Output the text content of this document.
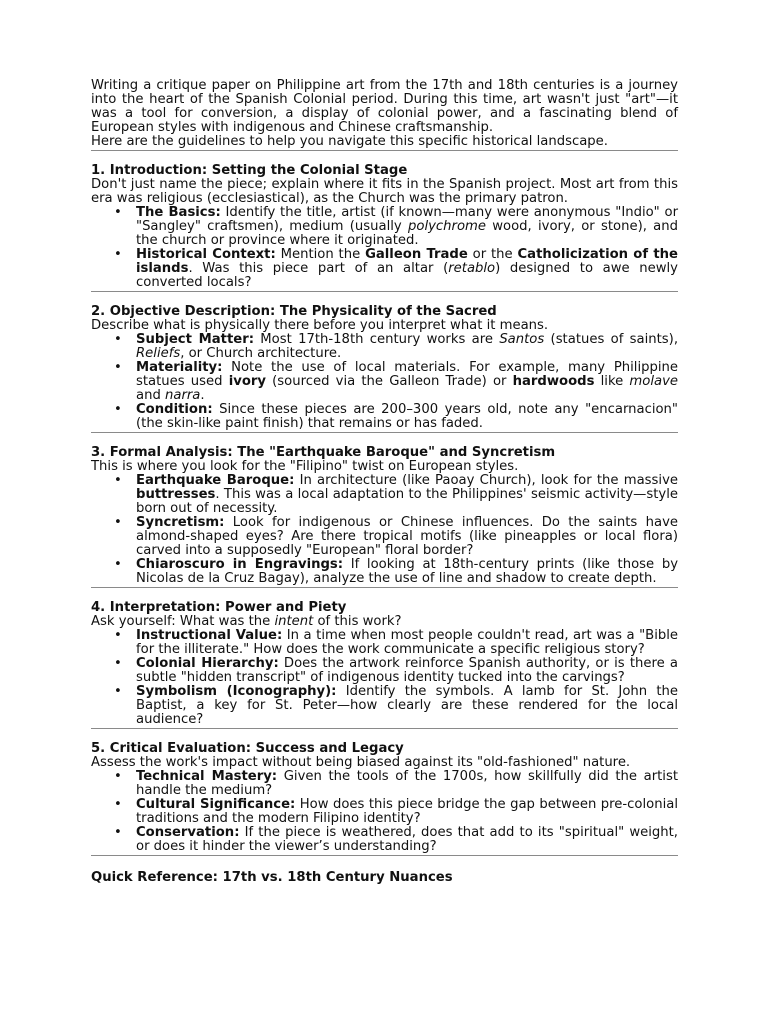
Writing a critique paper on Philippine art from the 17th and 18th centuries is a journey into the heart of the Spanish Colonial period. During this time, art wasn't just "art"—it was a tool for conversion, a display of colonial power, and a fascinating blend of European styles with indigenous and Chinese craftsmanship.

Here are the guidelines to help you navigate this specific historical landscape.

1. Introduction: Setting the Colonial Stage

Don't just name the piece; explain where it fits in the Spanish project. Most art from this era was religious (ecclesiastical), as the Church was the primary patron.

• The Basics: Identify the title, artist (if known—many were anonymous "Indio" or "Sangley" craftsmen), medium (usually polychrome wood, ivory, or stone), and the church or province where it originated.
• Historical Context: Mention the Galleon Trade or the Catholicization of the islands. Was this piece part of an altar (retablo) designed to awe newly converted locals?
2. Objective Description: The Physicality of the Sacred

Describe what is physically there before you interpret what it means.

• Subject Matter: Most 17th-18th century works are Santos (statues of saints), Reliefs, or Church architecture.
• Materiality: Note the use of local materials. For example, many Philippine statues used ivory (sourced via the Galleon Trade) or hardwoods like molave and narra.
• Condition: Since these pieces are 200–300 years old, note any "encarnacion" (the skin-like paint finish) that remains or has faded.
3. Formal Analysis: The "Earthquake Baroque" and Syncretism

This is where you look for the "Filipino" twist on European styles.

• Earthquake Baroque: In architecture (like Paoay Church), look for the massive buttresses. This was a local adaptation to the Philippines' seismic activity—style born out of necessity.
• Syncretism: Look for indigenous or Chinese influences. Do the saints have almond-shaped eyes? Are there tropical motifs (like pineapples or local flora) carved into a supposedly "European" floral border?
• Chiaroscuro in Engravings: If looking at 18th-century prints (like those by Nicolas de la Cruz Bagay), analyze the use of line and shadow to create depth.
4. Interpretation: Power and Piety

Ask yourself: What was the intent of this work?

• Instructional Value: In a time when most people couldn't read, art was a "Bible for the illiterate." How does the work communicate a specific religious story?
• Colonial Hierarchy: Does the artwork reinforce Spanish authority, or is there a subtle "hidden transcript" of indigenous identity tucked into the carvings?
• Symbolism (Iconography): Identify the symbols. A lamb for St. John the Baptist, a key for St. Peter—how clearly are these rendered for the local audience?
5. Critical Evaluation: Success and Legacy

Assess the work's impact without being biased against its "old-fashioned" nature.

• Technical Mastery: Given the tools of the 1700s, how skillfully did the artist handle the medium?
• Cultural Significance: How does this piece bridge the gap between pre-colonial traditions and the modern Filipino identity?
• Conservation: If the piece is weathered, does that add to its "spiritual" weight, or does it hinder the viewer’s understanding?
Quick Reference: 17th vs. 18th Century Nuances
